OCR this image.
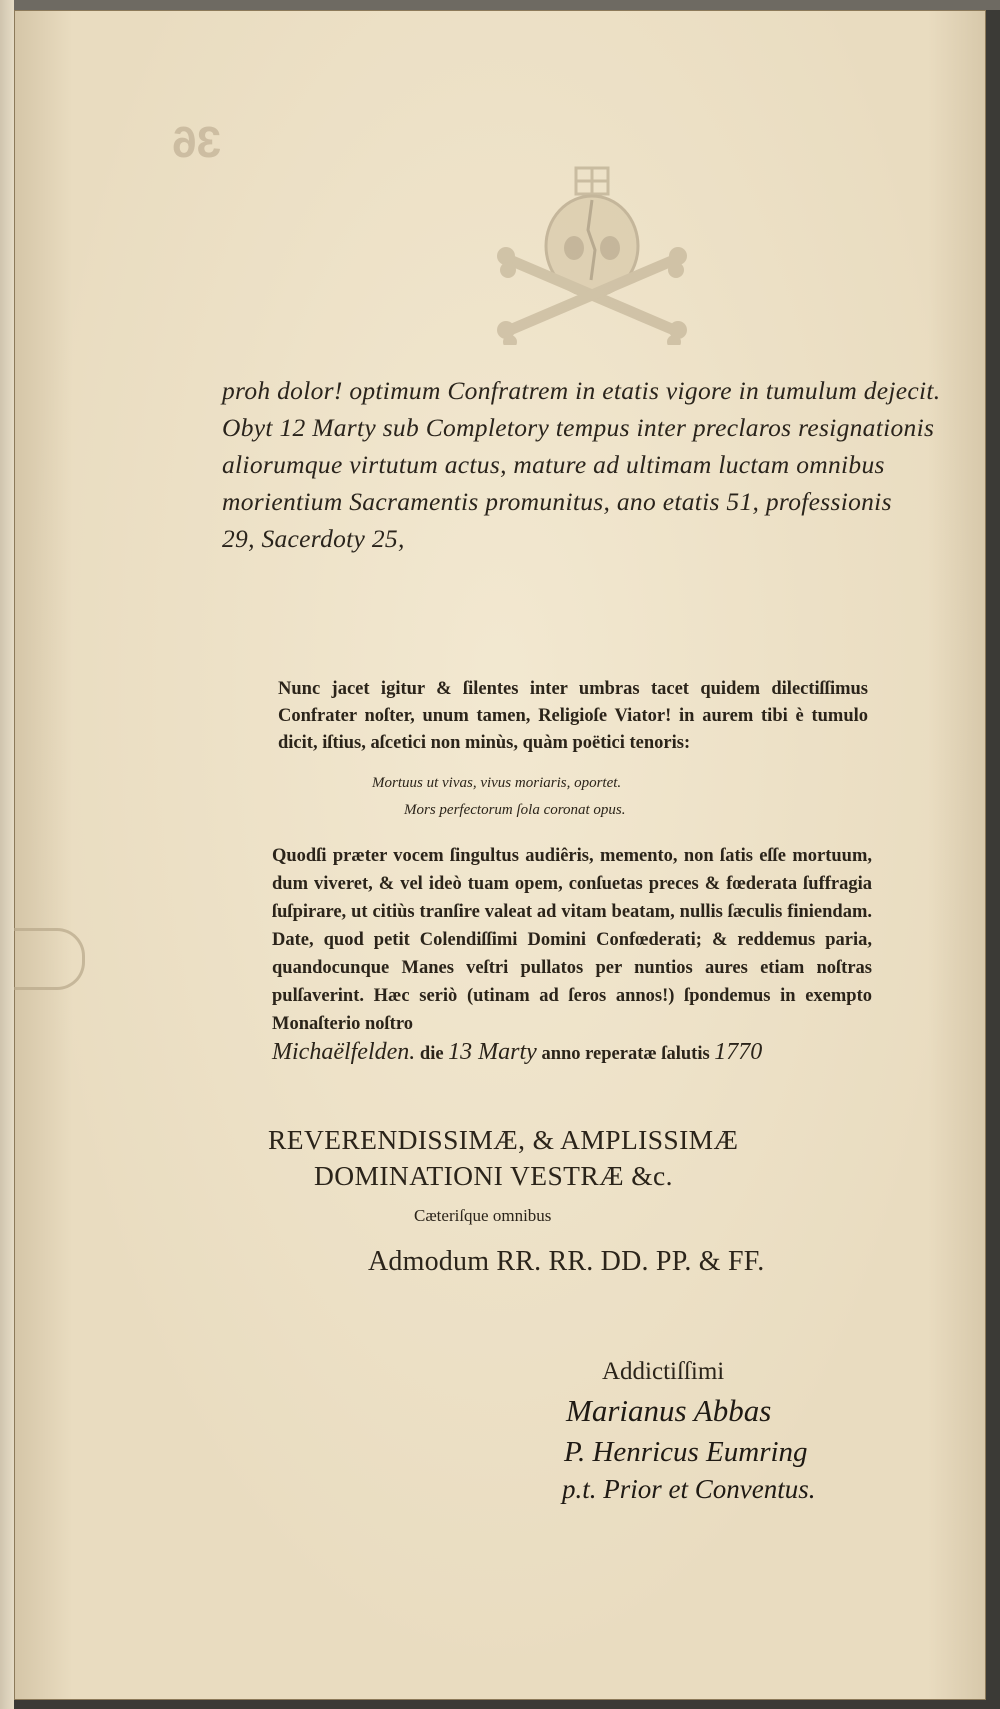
36
proh dolor! optimum Confratrem in etatis vigore in tumulum dejecit.
Obyt 12 Marty sub Completory tempus inter preclaros resignationis
aliorumque virtutum actus, mature ad ultimam luctam omnibus
morientium Sacramentis promunitus, ano etatis 51, professionis
29, Sacerdoty 25,
Nunc jacet igitur & ſilentes inter umbras tacet quidem dilectiſſimus Confrater noſter, unum tamen, Religioſe Viator! in aurem tibi è tumulo dicit, iſtius, aſcetici non minùs, quàm poëtici tenoris:
Mortuus ut vivas, vivus moriaris, oportet.
Mors perfectorum ſola coronat opus.
Quodſi præter vocem ſingultus audiêris, memento, non ſatis eſſe mortuum, dum viveret, & vel ideò tuam opem, conſuetas preces & fœderata ſuffragia ſuſpirare, ut citiùs tranſire valeat ad vitam beatam, nullis ſæculis finiendam. Date, quod petit Colendiſſimi Domini Confœderati; & reddemus paria, quandocunque Manes veſtri pullatos per nuntios aures etiam noſtras pulſaverint. Hæc seriò (utinam ad ſeros annos!) ſpondemus in exempto Monaſterio noſtro
Michaëlfelden. die 13 Marty anno reperatæ ſalutis 1770
REVERENDISSIMÆ, & AMPLISSIMÆ
DOMINATIONI VESTRÆ &c.
Cæteriſque omnibus
Admodum RR. RR. DD. PP. & FF.
Addictiſſimi
Marianus Abbas
P. Henricus Eumring
p.t. Prior et Conventus.
